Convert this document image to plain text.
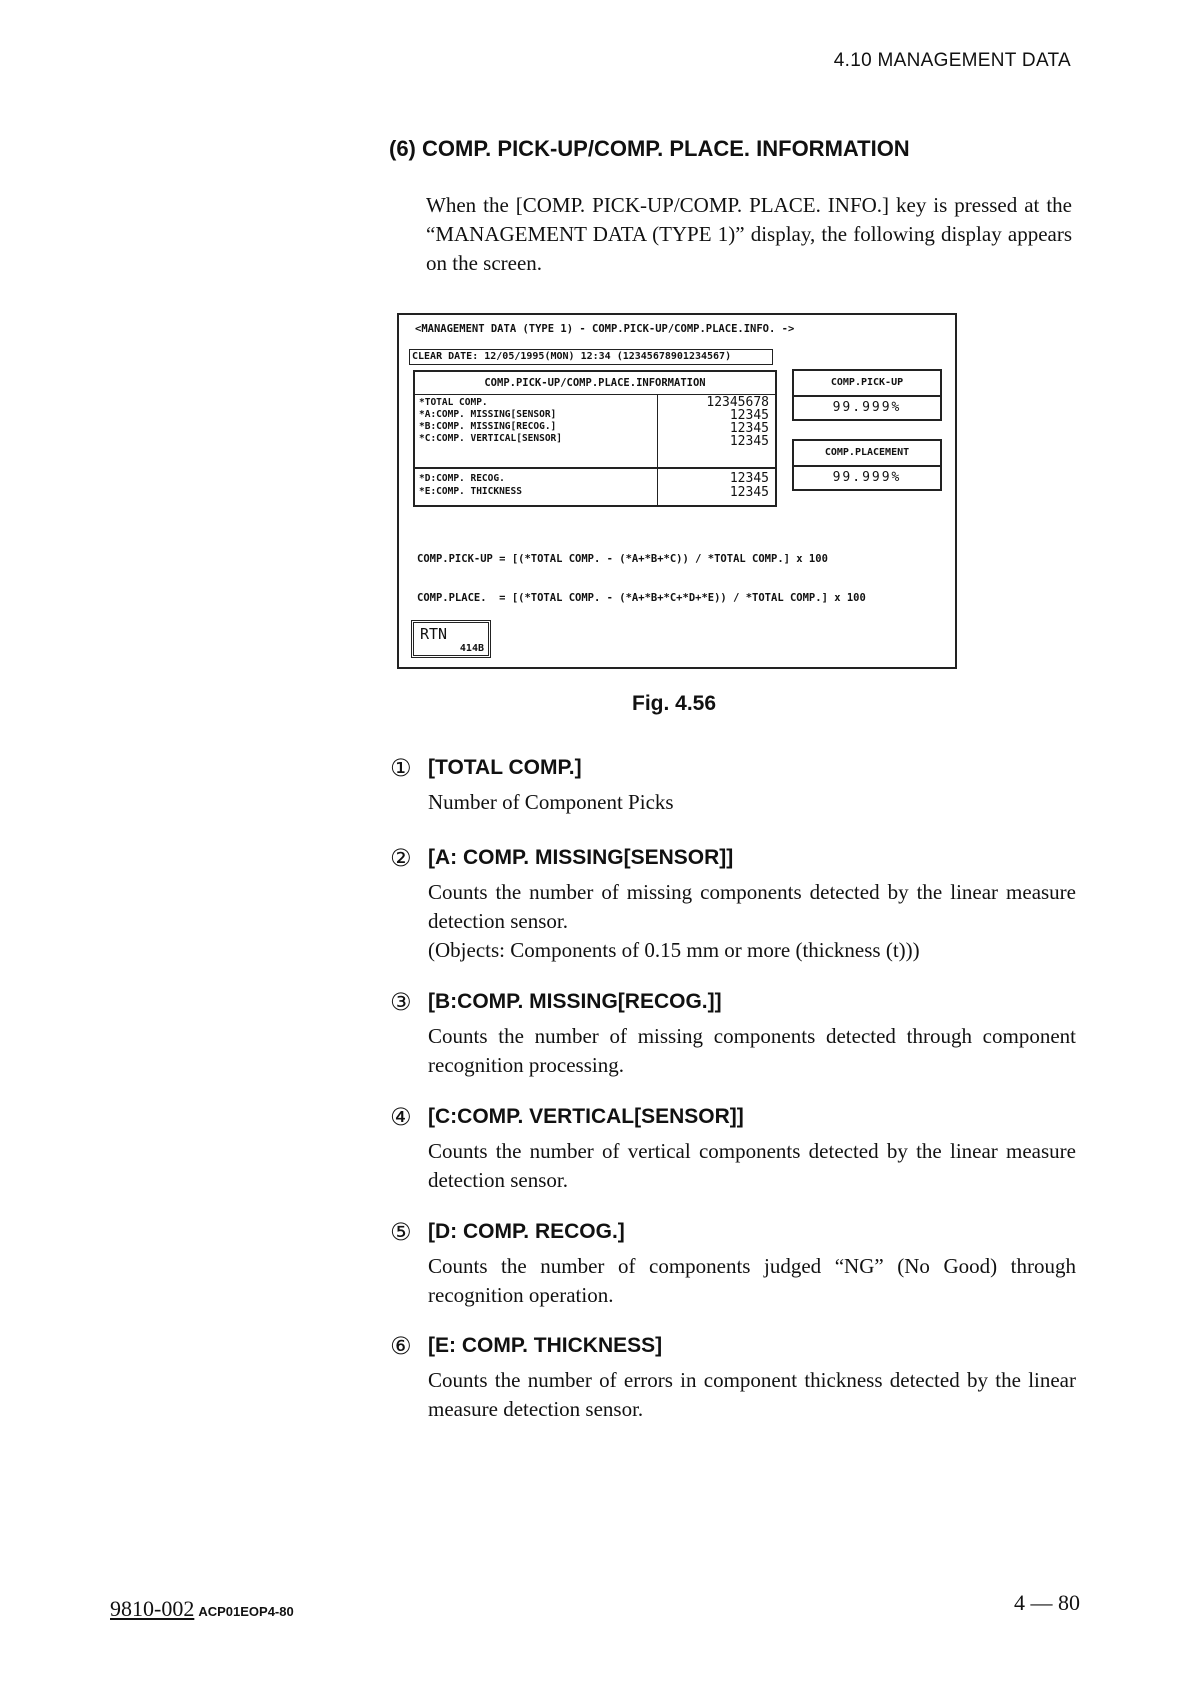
4.10 MANAGEMENT DATA
(6) COMP. PICK-UP/COMP. PLACE. INFORMATION
When the [COMP. PICK-UP/COMP. PLACE. INFO.] key is pressed at the “MANAGEMENT DATA (TYPE 1)” display, the following display appears on the screen.
<MANAGEMENT DATA (TYPE 1) - COMP.PICK-UP/COMP.PLACE.INFO. ->
CLEAR DATE: 12/05/1995(MON) 12:34 (12345678901234567)
COMP.PICK-UP/COMP.PLACE.INFORMATION
*TOTAL COMP.
*A:COMP. MISSING[SENSOR]
*B:COMP. MISSING[RECOG.]
*C:COMP. VERTICAL[SENSOR]
12345678
12345
12345
12345
*D:COMP. RECOG.
*E:COMP. THICKNESS
12345
12345
COMP.PICK-UP
99.999%
COMP.PLACEMENT
99.999%

COMP.PICK-UP = [(*TOTAL COMP. - (*A+*B+*C)) / *TOTAL COMP.] x 100

COMP.PLACE.  = [(*TOTAL COMP. - (*A+*B+*C+*D+*E)) / *TOTAL COMP.] x 100

RTN
414B
Fig. 4.56
① [TOTAL COMP.]
Number of Component Picks
② [A: COMP. MISSING[SENSOR]]
Counts the number of missing components detected by the linear measure detection sensor.
(Objects: Components of 0.15 mm or more (thickness (t)))
③ [B:COMP. MISSING[RECOG.]]
Counts the number of missing components detected through component recognition processing.
④ [C:COMP. VERTICAL[SENSOR]]
Counts the number of vertical components detected by the linear measure detection sensor.
⑤ [D: COMP. RECOG.]
Counts the number of components judged “NG” (No Good) through recognition operation.
⑥ [E: COMP. THICKNESS]
Counts the number of errors in component thickness detected by the linear measure detection sensor.
9810-002 ACP01EOP4-80	4 — 80
